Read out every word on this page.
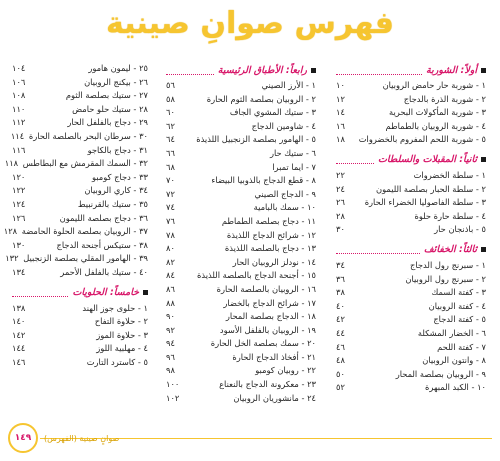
فهرس صوانِ صينية
أولاً: الشوربة
١ - شوربة حار حامض الروبيان
١٠
٢ - شوربة الذرة بالدجاج
١٢
٣ - شوربة المأكولات البحرية
١٤
٤ - شوربة الروبيان بالطماطم
١٦
٥ - شوربة اللحم المفروم بالخضروات
١٨
ثانياً: المقبلات والسلطات
١ - سلطة الخضروات
٢٢
٢ - سلطة الحبار بصلصة الليمون
٢٤
٣ - سلطة الفاصوليا الخضراء الحارة
٢٦
٤ - سلطة حارة حلوة
٢٨
٥ - باذنجان حار
٣٠
ثالثاً: الخفائف
١ - سبرنج رول الدجاج
٣٤
٢ - سبرنج رول الروبيان
٣٦
٣ - كفتة السمك
٣٨
٤ - كفتة الروبيان
٤٠
٥ - كفتة الدجاج
٤٢
٦ - الخضار المشكلة
٤٤
٧ - كفتة اللحم
٤٦
٨ - وانتون الروبيان
٤٨
٩ - الروبيان بصلصة المحار
٥٠
١٠ - الكبد المبهرة
٥٢
رابعاً: الأطباق الرئيسية
١ - الأرز الصيني
٥٦
٢ - الروبيان بصلصة الثوم الحارة
٥٨
٣ - ستيك المشوي الجاف
٦٠
٤ - شاومين الدجاج
٦٢
٥ - الهامور بصلصة الزنجبيل اللذيذة
٦٤
٦ - ستيك حار
٦٦
٧ - ايما تمبرا
٦٨
٨ - قطع الدجاج بالذوبيا البيضاء
٧٠
٩ - الدجاج الصيني
٧٢
١٠ - سمك بالبامية
٧٤
١١ - دجاج بصلصة الطماطم
٧٦
١٢ - شرائح الدجاج اللذيذة
٧٨
١٣ - دجاج بالصلصة اللذيذة
٨٠
١٤ - نودلز الروبيان الحار
٨٢
١٥ - أجنحة الدجاج بالصلصة اللذيذة
٨٤
١٦ - الروبيان بالصلصة الحارة
٨٦
١٧ - شرائح الدجاج بالخضار
٨٨
١٨ - الدجاج بصلصة المحار
٩٠
١٩ - الروبيان بالفلفل الأسود
٩٢
٢٠ - سمك بصلصة الخل الحارة
٩٤
٢١ - أفخاذ الدجاج الحارة
٩٦
٢٢ - روبيان كومبو
٩٨
٢٣ - معكرونة الدجاج بالنعناع
١٠٠
٢٤ - مانشوريان الروبيان
١٠٢
٢٥ - ليمون هامور
١٠٤
٢٦ - بيكنج الروبيان
١٠٦
٢٧ - ستيك بصلصة الثوم
١٠٨
٢٨ - ستيك حلو حامض
١١٠
٢٩ - دجاج بالفلفل الحار
١١٢
٣٠ - سرطان البحر بالصلصة الحارة
١١٤
٣١ - دجاج بالكاجو
١١٦
٣٢ - السمك المقرمش مع البطاطس
١١٨
٣٣ - دجاج كومبو
١٢٠
٣٤ - كاري الروبيان
١٢٢
٣٥ - ستيك بالقرنبيط
١٢٤
٣٦ - دجاج بصلصة الليمون
١٢٦
٣٧ - الروبيان بصلصة الحلوة الحامضة
١٢٨
٣٨ - ستيكس أجنحة الدجاج
١٣٠
٣٩ - الهامور المقلي بصلصة الزنجبيل
١٣٢
٤٠ - ستيك بالفلفل الأحمر
١٣٤
خامساً: الحلويات
١ - حلوى جوز الهند
١٣٨
٢ - حلاوة التفاح
١٤٠
٣ - حلاوة الموز
١٤٢
٤ - مهلبية اللوز
١٤٤
٥ - كاسترد التارت
١٤٦
١٤٩	صوانٍ صينية (الفهرس)
